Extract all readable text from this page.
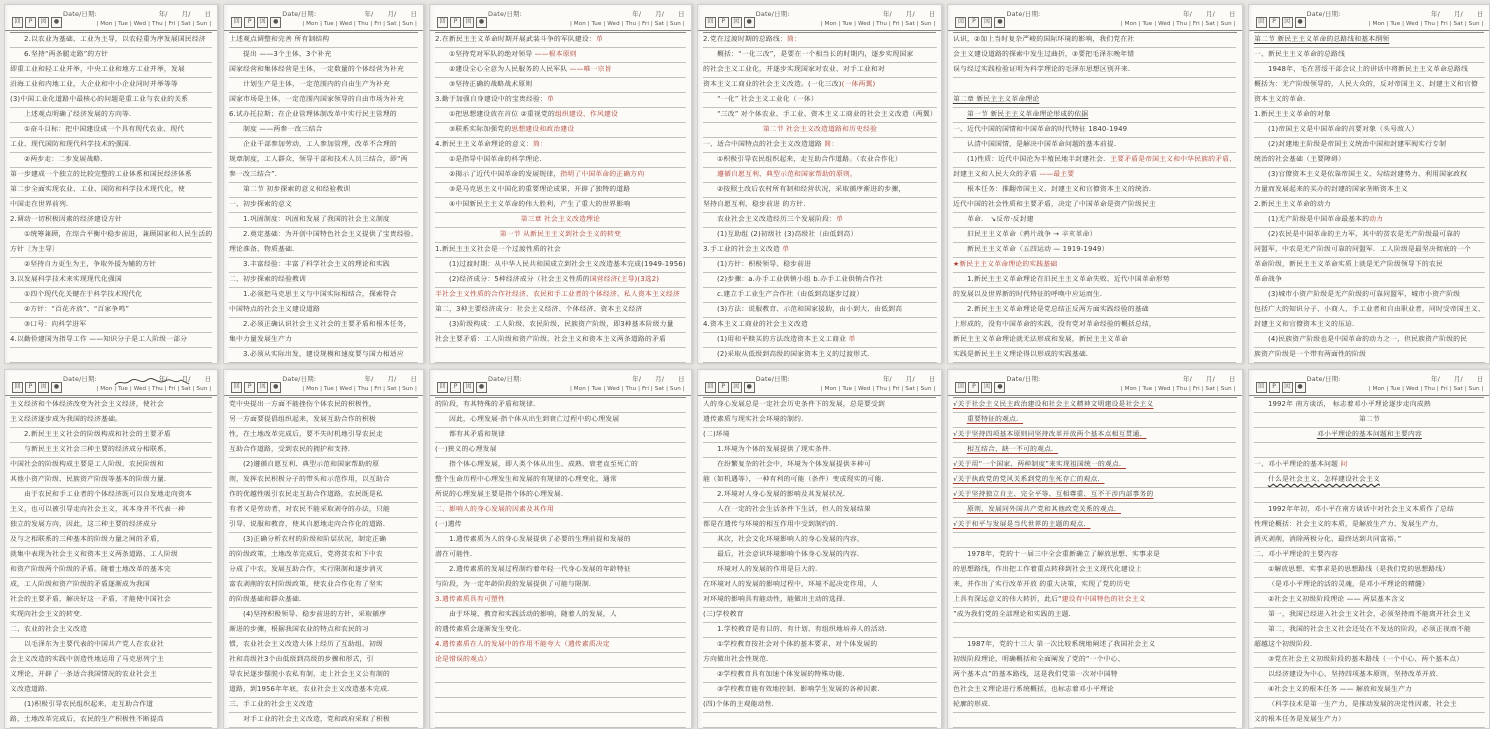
回	P	図	●
Date/日期:	年/ 月/ 日
| Mon | Tue | Wed | Thu | Fri | Sat | Sun |
2.以农业为基础、工业为主导，以农轻重为序发展国民经济
6.坚持“两条腿走路”的方针
即重工业和轻工业并举，中央工业和地方工业并举，发展
沿海工业和内地工业，大企业和中小企业同时并举等等
(3)中国工业化道路中最核心的问题是重工业与农业的关系
上述观点明确了经济发展的方向等．
①奋斗目标：把中国建设成一个具有现代农业、现代
工业、现代国防和现代科学技术的强国．
②两步走：二步发展战略．
第一步建成一个独立的比较完整的工业体系和国民经济体系
第二步全面实现农业、工业、国防和科学技术现代化，使
中国走在世界前列．
2.调动一切积极因素的经济建设方针
①统筹兼顾，在综合平衡中稳步前进，兼顾国家和人民生活的
方针〔为主导〕
②坚持自力更生为主，争取外援为辅的方针
3.以发展科学技术来实现现代化强国
①四个现代化关键在于科学技术现代化
②方针：“百花齐放”、“百家争鸣”
③口号：向科学进军
4.以勤俭建国为指导工作 ——知识分子是工人阶级一部分
回	P	図	●
Date/日期:	年/ 月/ 日
| Mon | Tue | Wed | Thu | Fri | Sat | Sun |
上述观点调整和完善 所有制结构
提出 ——3个主体、3个补充
国家经营和集体经营是主体，一定数量的个体经营为补充
计划生产是主体，一定范围内的自由生产为补充
国家市场是主体，一定范围内国家领导的自由市场为补充
6.试办托拉斯；在企业管理体制改革中实行民主管理的
制度 ——两参一改三结合
企业干部参加劳动，工人参加管理，改革不合理的
规章制度，工人群众、领导干部和技术人员三结合，即“两
参一改三结合”．
第二节 初步探索的意义和经验教训
一、初步探索的意义
1.巩固制度：巩固和发展了我国的社会主义制度
2.奠定基础：为开创中国特色社会主义提供了宝贵经验、
理论准备、物质基础．
3.丰富经验：丰富了科学社会主义的理论和实践
二、初步探索的经验教训
1.必须把马克思主义与中国实际相结合，探索符合
中国特点的社会主义建设道路
2.必须正确认识社会主义社会的主要矛盾和根本任务，
集中力量发展生产力
3.必须从实际出发，建设规模和速度要与国力相适应
回	P	図	●
Date/日期:	年/ 月/ 日
| Mon | Tue | Wed | Thu | Fri | Sat | Sun |
2.在新民主主义革命时期开展武装斗争的军队建设：单
①坚持党对军队的绝对领导 ——根本原则
②建设全心全意为人民服务的人民军队 ——唯一宗旨
③坚持正确的战略战术原则
3.勤于加强自身建设中的宝贵经验：单
①把思想建设放在首位 ②重视党的组织建设、作风建设
③联系实际加强党的思想建设和政治建设
4.新民主主义革命理论的意义：简：
①是指导中国革命的科学理论．
②揭示了近代中国革命的发展规律，指明了中国革命的正确方向
③是马克思主义中国化的重要理论成果，开辟了独特的道路
④中国新民主主义革命的伟大胜利，产生了重大的世界影响
第三章 社会主义改造理论
第一节 从新民主主义到社会主义的转变
1.新民主主义社会是一个过渡性质的社会
(1)过渡时期：从中华人民共和国成立到社会主义改造基本完成(1949-1956)
(2)经济成分：5种经济成分（社会主义性质的国营经济(主导)(3选2)
半社会主义性质的合作社经济、农民和手工业者的个体经济、私人资本主义经济
第二，3种主要经济成分：社会主义经济、个体经济、资本主义经济
(3)阶级构成：工人阶级、农民阶级、民族资产阶级，即3种基本阶级力量
社会主要矛盾：工人阶级和资产阶级、社会主义和资本主义两条道路的矛盾
回	P	図	●
Date/日期:	年/ 月/ 日
| Mon | Tue | Wed | Thu | Fri | Sat | Sun |
2.党在过渡时期的总路线：简：
概括：“一化三改”，是要在一个相当长的时期内，逐步实现国家
的社会主义工业化，并逐步实现国家对农业、对手工业和对
资本主义工商业的社会主义改造。(一化三改)(一体两翼)
“一化” 社会主义工业化（一体）
“三改” 对个体农业、手工业、资本主义工商业的社会主义改造（两翼）
第二节 社会主义改造道路和历史经验
一、适合中国特点的社会主义改造道路 简：
①积极引导农民组织起来，走互助合作道路。（农业合作化）
遵循自愿互利、典型示范和国家帮助的原则，
②按照土改后农村所有制和经营状况，采取循序渐进的步骤，
坚持自愿互利、稳步前进 的方针．
农业社会主义改造经历三个发展阶段：单
(1)互助组 (2)初级社 (3)高级社（由低到高）
3.手工业的社会主义改造 单
(1)方针：积极领导、稳步前进
(2)步骤：a.办手工业供销小组 b.办手工业供销合作社
c.建立手工业生产合作社（由低到高逐步过渡）
(3)方法：说服教育、示范和国家援助，由小到大、由低到高
4.资本主义工商业的社会主义改造
(1)用和平赎买的方法改造资本主义工商业 单
(2)采取从低级到高级的国家资本主义的过渡形式．
回	P	図	●
Date/日期:	年/ 月/ 日
| Mon | Tue | Wed | Thu | Fri | Sat | Sun |
认识，②加上当时复杂严峻的国际环境的影响，我们党在社
会主义建设道路的探索中发生过曲折，③要把毛泽东晚年错
误与经过实践检验证明为科学理论的毛泽东思想区别开来．
第二章 新民主主义革命理论
第一节 新民主主义革命理论形成的依据
一、近代中国的国情和中国革命的时代特征 1840-1949
认清中国国情，是解决中国革命问题的基本前提．
(1)性质：近代中国沦为半殖民地半封建社会．主要矛盾是帝国主义和中华民族的矛盾、
封建主义和人民大众的矛盾 ——最主要
根本任务：推翻帝国主义、封建主义和官僚资本主义的统治．
近代中国的社会性质和主要矛盾，决定了中国革命是资产阶级民主
革命． ↘反帝·反封建
旧民主主义革命（鸦片战争 → 辛亥革命）
新民主主义革命（五四运动 — 1919-1949）
★新民主主义革命理论的实践基础
1.新民主主义革命理论在旧民主主义革命失败、近代中国革命形势
的发展以及世界新的时代特征的呼唤中应运而生．
2.新民主主义革命理论是党总结正反两方面实践经验的基础
上形成的，没有中国革命的实践，没有党对革命经验的概括总结，
新民主主义革命理论就无法形成和发展，新民主主义革命
实践是新民主主义理论得以形成的实践基础．
回	P	図	●
Date/日期:	年/ 月/ 日
| Mon | Tue | Wed | Thu | Fri | Sat | Sun |
第二节 新民主主义革命的总路线和基本纲领
一、新民主主义革命的总路线
1948年，毛在晋绥干部会议上的讲话中将新民主主义革命总路线
概括为：无产阶级领导的，人民大众的，反对帝国主义、封建主义和官僚
资本主义的革命．
1.新民主主义革命的对象
(1)帝国主义是中国革命的首要对象（头号敌人）
(2)封建地主阶级是帝国主义统治中国和封建军阀实行专制
统治的社会基础（主要障碍）
(3)官僚资本主义是依靠帝国主义、勾结封建势力、利用国家政权
力量而发展起来的买办的封建的国家垄断资本主义
2.新民主主义革命的动力
(1)无产阶级是中国革命最基本的动力
(2)农民是中国革命的主力军，其中的贫农是无产阶级最可靠的
同盟军，中农是无产阶级可靠的同盟军．工人阶级是最坚决彻底的一个
革命阶级，新民主主义革命实质上就是无产阶级领导下的农民
革命战争
(3)城市小资产阶级是无产阶级的可靠同盟军，城市小资产阶级
包括广大的知识分子、小商人、手工业者和自由职业者，同时受帝国主义、
封建主义和官僚资本主义的压迫．
(4)民族资产阶级也是中国革命的动力之一，但民族资产阶级的民
族资产阶级是一个带有两面性的阶级
回	P	図	●
Date/日期:	年/ 月/ 日
| Mon | Tue | Wed | Thu | Fri | Sat | Sun |
主义经济和个体经济改变为社会主义经济，使社会
主义经济逐步成为我国的经济基础。
2.新民主主义社会的阶级构成和社会的主要矛盾
与新民主主义社会三种主要的经济成分相联系，
中国社会的阶级构成主要是工人阶级、农民阶级和
其他小资产阶级、民族资产阶级等基本的阶级力量．
由于农民和手工业者的个体经济既可以自发地走向资本
主义，也可以被引导走向社会主义，其本身并不代表一种
独立的发展方向，因此，这三种主要的经济成分
及与之相联系的三种基本的阶级力量之间的矛盾，
就集中表现为社会主义和资本主义两条道路、工人阶级
和资产阶级两个阶级的矛盾。随着土地改革的基本完
成，工人阶级和资产阶级的矛盾逐渐成为我国
社会的主要矛盾，解决好这一矛盾，才能使中国社会
实现向社会主义的转变．
二、农业的社会主义改造
以毛泽东为主要代表的中国共产党人在农业社
会主义改造的实践中创造性地运用了马克思列宁主
义理论，开辟了一条适合我国情况的农业社会主
义改造道路．
(1)积极引导农民组织起来，走互助合作道
路，土地改革完成后，农民的生产积极性不断提高
回	P	図	●
Date/日期:	年/ 月/ 日
| Mon | Tue | Wed | Thu | Fri | Sat | Sun |
党中央提出一方面不能挫伤个体农民的积极性，
另一方面要提倡组织起来，发展互助合作的积极
性，在土地改革完成后，要不失时机地引导农民走
互助合作道路，受到农民的拥护和支持．
(2)遵循自愿互利、典型示范和国家帮助的原
则，发挥农民积极分子的带头和示范作用，以互助合
作的优越性吸引农民走互助合作道路，农民既是私
有者又是劳动者，对农民不能采取剥夺的办法，只能
引导、说服和教育，使其自愿地走向合作化的道路．
(3)正确分析农村的阶级和阶层状况，制定正确
的阶级政策，土地改革完成后，党将贫农和下中农
分成了中农，发展互助合作，实行限制和逐步消灭
富农剥削的农村阶级政策，使农业合作化有了坚实
的阶级基础和群众基础．
(4)坚持积极领导、稳步前进的方针，采取循序
渐进的步骤，根据我国农业的特点和农民的习
惯，农业社会主义改造大体上经历了互助组、初级
社和高级社3个由低级到高级的步骤和形式，引
导农民逐步摆脱小农私有制，走上社会主义公有制的
道路，到1956年年底，农业社会主义改造基本完成．
三、手工业的社会主义改造
对手工业的社会主义改造，党和政府采取了积极
回	P	図	●
Date/日期:	年/ 月/ 日
| Mon | Tue | Wed | Thu | Fri | Sat | Sun |
的阶段，有其特殊的矛盾和规律．
因此，心理发展·指个体从出生到衰亡过程中的心理发展
都有其矛盾和规律
(一)狭义的心理发展
指个体心理发展，即人类个体从出生、成熟、衰老直至死亡的
整个生命历程中心理发生和发展的有规律的心理变化，通常
所说的心理发展主要是指个体的心理发展．
二、影响人的身心发展的因素及其作用
(一)遗传
1.遗传素质为人的身心发展提供了必要的生理前提和发展的
潜在可能性．
2.遗传素质的发展过程制约着年轻一代身心发展的年龄特征
与阶段，为一定年龄阶段的发展提供了可能与限制．
3.遗传素质具有可塑性
由于环境、教育和实践活动的影响，随着人的发展，人
的遗传素质会逐渐发生变化．
4.遗传素质在人的发展中的作用不能夸大（遗传素质决定
论是错误的观点）
回	P	図	●
Date/日期:	年/ 月/ 日
| Mon | Tue | Wed | Thu | Fri | Sat | Sun |
人的身心发展总是一定社会历史条件下的发展，总是要受到
遗传素质与现实社会环境的制约．
(二)环境
1.环境为个体的发展提供了现实条件．
在纷繁复杂的社会中，环境为个体发展提供多种可
能（如机遇等），一种有利的可能（条件）变成现实的可能．
2.环境对人身心发展的影响及其发展状况．
人在一定的社会生活条件下生活，但人的发展结果
都是在遗传与环境的相互作用中受到制约的．
其次，社会文化环境影响人的身心发展的内容，
最后，社会意识环境影响个体身心发展的内容．
环境对人的发展的作用是巨大的．
在环境对人的发展的影响过程中，环境不起决定作用，人
对环境的影响具有能动性，能做出主动的选择．
(三)学校教育
1.学校教育是有目的、有计划、有组织地培养人的活动．
①学校教育按社会对个体的基本要求，对个体发展的
方向做出社会性规范．
②学校教育具有加速个体发展的特殊功能．
③学校教育能有效地控制、影响学生发展的各种因素．
(四)个体的主观能动性．
回	P	図	●
Date/日期:	年/ 月/ 日
| Mon | Tue | Wed | Thu | Fri | Sat | Sun |
√关于社会主义民主政治建设和社会主义精神文明建设是社会主义
重要特征的观点．
√关于坚持四项基本原则同坚持改革开放两个基本点相互贯通、
相互结合、缺一不可的观点．
√关于用“一个国家、两种制度”来实现祖国统一的观点．
√关于执政党的党风关系到党的生死存亡的观点．
√关于坚持独立自主、完全平等、互相尊重、互不干涉内部事务的
原则，发展同外国共产党和其他政党关系的观点．
√关于和平与发展是当代世界的主题的观点．
1978年，党的十一届三中全会重新确立了解放思想、实事求是
的思想路线，作出把工作着重点转移到社会主义现代化建设上
来，并作出了实行改革开放 的重大决策，实现了党的历史
上具有深远意义的伟大转折，此后“建设有中国特色的社会主义
”成为我们党的全部理论和实践的主题．
1987年，党的十三大 第一次比较系统地阐述了我国社会主义
初级阶段理论，明确概括和全面阐发了党的“一个中心、
两个基本点”的基本路线，这是我们党第一次对中国特
色社会主义理论进行系统概括，也标志着邓小平理论
轮廓的形成．
回	P	図	●
Date/日期:	年/ 月/ 日
| Mon | Tue | Wed | Thu | Fri | Sat | Sun |
1992年 南方谈话， 标志着邓小平理论逐步走向成熟
第二节
邓小平理论的基本问题和主要内容
一、邓小平理论的基本问题 问
什么是社会主义、怎样建设社会主义
1992年年初，邓小平在南方谈话中对社会主义本质作了总结
性理论概括：社会主义的本质，是解放生产力、发展生产力，
消灭剥削，消除两极分化、最终达到共同富裕。”
二、邓小平理论的主要内容
①解放思想、实事求是的思想路线（是我们党的思想路线）
（是邓小平理论的活的灵魂，是邓小平理论的精髓）
②社会主义初级阶段理论 —— 两层基本含义
第一，我国已经进入社会主义社会，必须坚持而不能离开社会主义
第二，我国的社会主义社会还处在不发达的阶段，必须正视而不能
超越这个初级阶段．
③党在社会主义初级阶段的基本路线（一个中心、两个基本点）
以经济建设为中心，坚持四项基本原则，坚持改革开放．
④社会主义的根本任务 —— 解放和发展生产力
（科学技术是第一生产力，是推动发展的决定性因素，社会主
义的根本任务是发展生产力）
